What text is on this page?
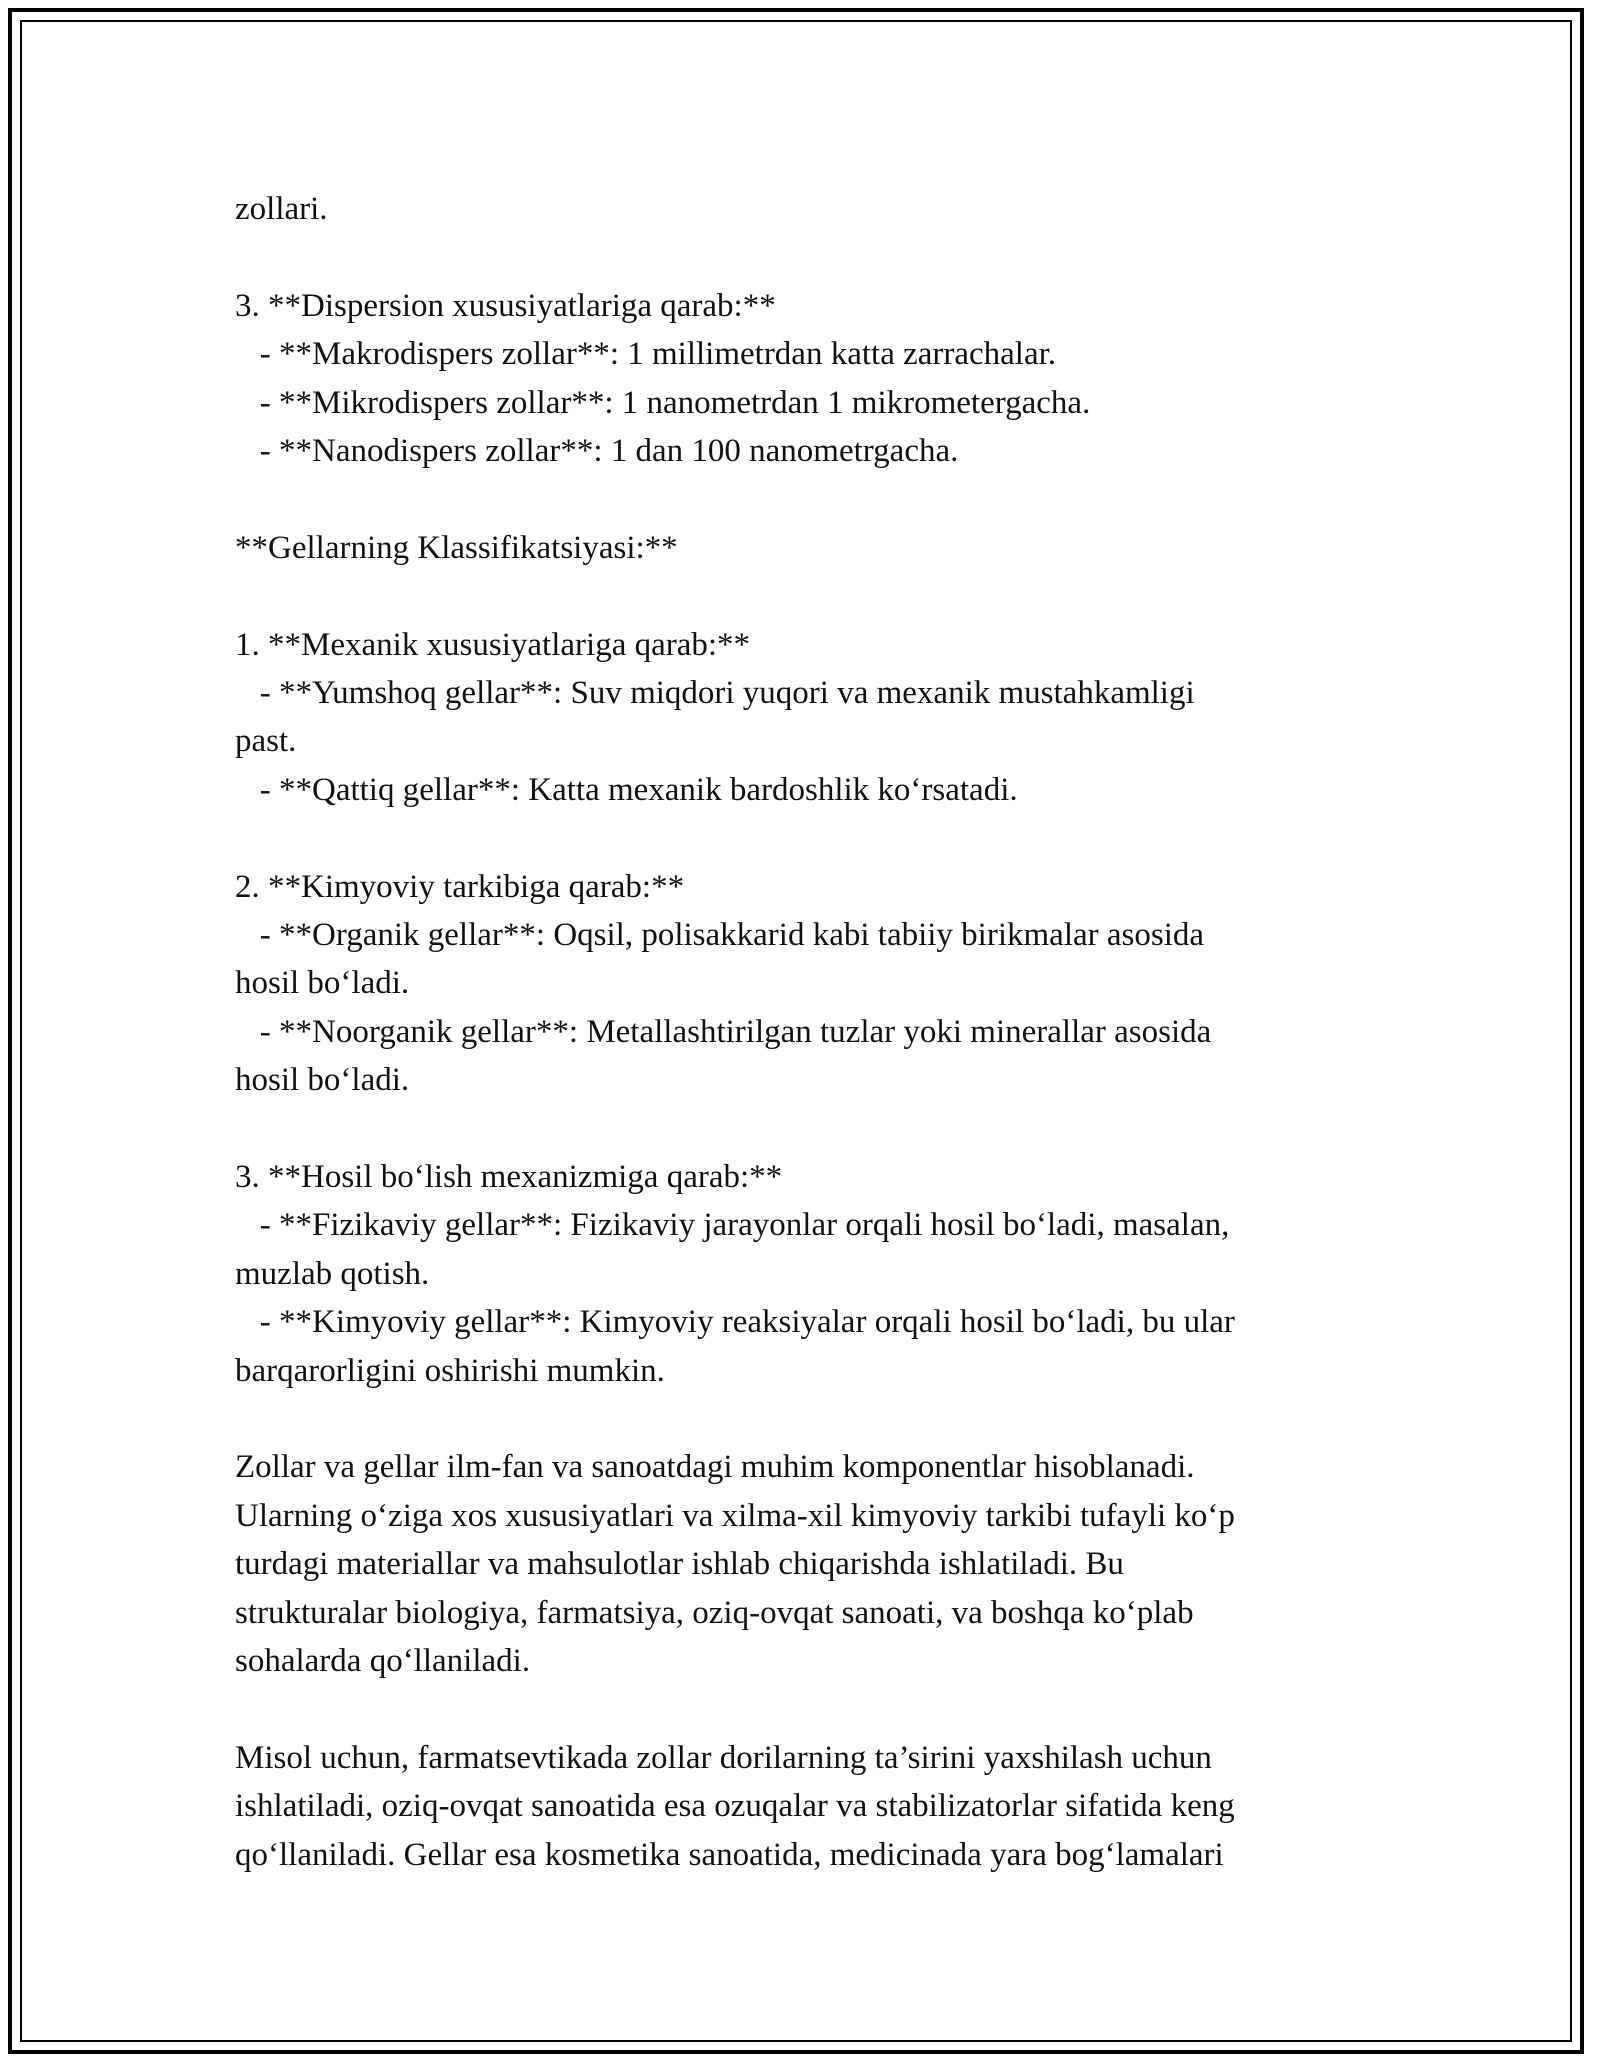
zollari.
3. **Dispersion xususiyatlariga qarab:**
- **Makrodispers zollar**: 1 millimetrdan katta zarrachalar.
- **Mikrodispers zollar**: 1 nanometrdan 1 mikrometergacha.
- **Nanodispers zollar**: 1 dan 100 nanometrgacha.
**Gellarning Klassifikatsiyasi:**
1. **Mexanik xususiyatlariga qarab:**
- **Yumshoq gellar**: Suv miqdori yuqori va mexanik mustahkamligi
past.
- **Qattiq gellar**: Katta mexanik bardoshlik ko‘rsatadi.
2. **Kimyoviy tarkibiga qarab:**
- **Organik gellar**: Oqsil, polisakkarid kabi tabiiy birikmalar asosida
hosil bo‘ladi.
- **Noorganik gellar**: Metallashtirilgan tuzlar yoki minerallar asosida
hosil bo‘ladi.
3. **Hosil bo‘lish mexanizmiga qarab:**
- **Fizikaviy gellar**: Fizikaviy jarayonlar orqali hosil bo‘ladi, masalan,
muzlab qotish.
- **Kimyoviy gellar**: Kimyoviy reaksiyalar orqali hosil bo‘ladi, bu ular
barqarorligini oshirishi mumkin.
Zollar va gellar ilm-fan va sanoatdagi muhim komponentlar hisoblanadi.
Ularning o‘ziga xos xususiyatlari va xilma-xil kimyoviy tarkibi tufayli ko‘p
turdagi materiallar va mahsulotlar ishlab chiqarishda ishlatiladi. Bu
strukturalar biologiya, farmatsiya, oziq-ovqat sanoati, va boshqa ko‘plab
sohalarda qo‘llaniladi.
Misol uchun, farmatsevtikada zollar dorilarning ta’sirini yaxshilash uchun
ishlatiladi, oziq-ovqat sanoatida esa ozuqalar va stabilizatorlar sifatida keng
qo‘llaniladi. Gellar esa kosmetika sanoatida, medicinada yara bog‘lamalari
